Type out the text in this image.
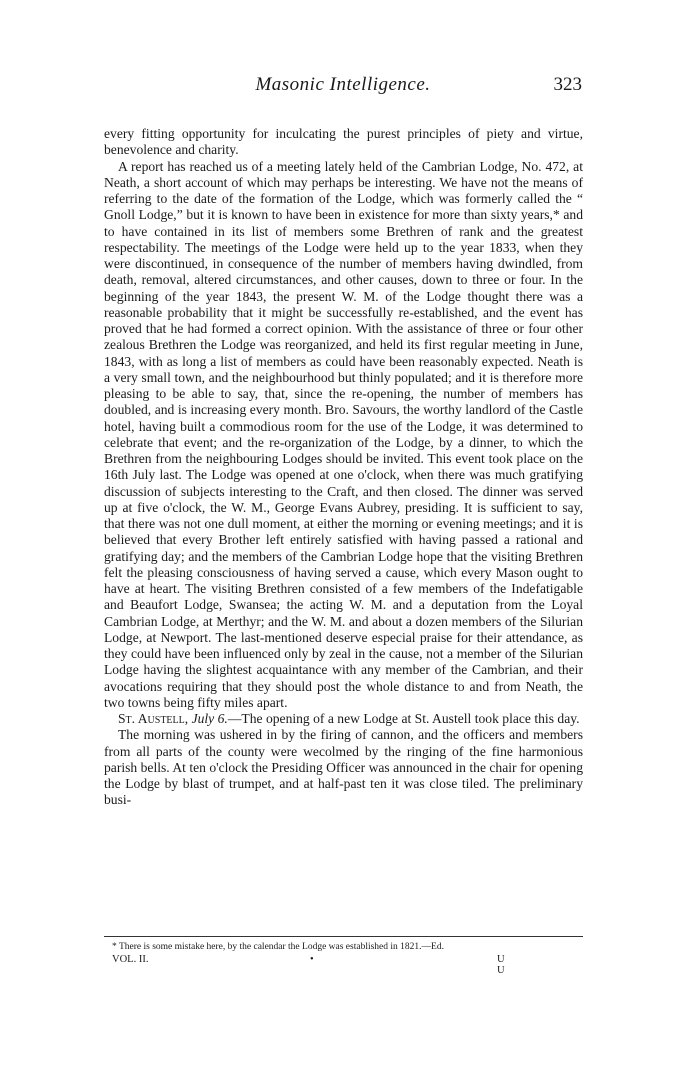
Masonic Intelligence.	323

every fitting opportunity for inculcating the purest principles of piety and virtue, benevolence and charity.

A report has reached us of a meeting lately held of the Cambrian Lodge, No. 472, at Neath, a short account of which may perhaps be interesting. We have not the means of referring to the date of the formation of the Lodge, which was formerly called the “ Gnoll Lodge,” but it is known to have been in existence for more than sixty years,* and to have contained in its list of members some Brethren of rank and the greatest respectability. The meetings of the Lodge were held up to the year 1833, when they were discontinued, in consequence of the number of members having dwindled, from death, removal, altered circumstances, and other causes, down to three or four. In the beginning of the year 1843, the present W. M. of the Lodge thought there was a reasonable probability that it might be successfully re-established, and the event has proved that he had formed a correct opinion. With the assistance of three or four other zealous Brethren the Lodge was reorganized, and held its first regular meeting in June, 1843, with as long a list of members as could have been reasonably expected. Neath is a very small town, and the neighbourhood but thinly populated; and it is therefore more pleasing to be able to say, that, since the re-opening, the number of members has doubled, and is increasing every month. Bro. Savours, the worthy landlord of the Castle hotel, having built a commodious room for the use of the Lodge, it was determined to celebrate that event; and the re-organization of the Lodge, by a dinner, to which the Brethren from the neighbouring Lodges should be invited. This event took place on the 16th July last. The Lodge was opened at one o'clock, when there was much gratifying discussion of subjects interesting to the Craft, and then closed. The dinner was served up at five o'clock, the W. M., George Evans Aubrey, presiding. It is sufficient to say, that there was not one dull moment, at either the morning or evening meetings; and it is believed that every Brother left entirely satisfied with having passed a rational and gratifying day; and the members of the Cambrian Lodge hope that the visiting Brethren felt the pleasing consciousness of having served a cause, which every Mason ought to have at heart. The visiting Brethren consisted of a few members of the Indefatigable and Beaufort Lodge, Swansea; the acting W. M. and a deputation from the Loyal Cambrian Lodge, at Merthyr; and the W. M. and about a dozen members of the Silurian Lodge, at Newport. The last-mentioned deserve especial praise for their attendance, as they could have been influenced only by zeal in the cause, not a member of the Silurian Lodge having the slightest acquaintance with any member of the Cambrian, and their avocations requiring that they should post the whole distance to and from Neath, the two towns being fifty miles apart.

St. Austell, July 6.—The opening of a new Lodge at St. Austell took place this day.

The morning was ushered in by the firing of cannon, and the officers and members from all parts of the county were wecolmed by the ringing of the fine harmonious parish bells. At ten o'clock the Presiding Officer was announced in the chair for opening the Lodge by blast of trumpet, and at half-past ten it was close tiled. The preliminary busi-

* There is some mistake here, by the calendar the Lodge was established in 1821.—Ed.
VOL. II.	•	U U
